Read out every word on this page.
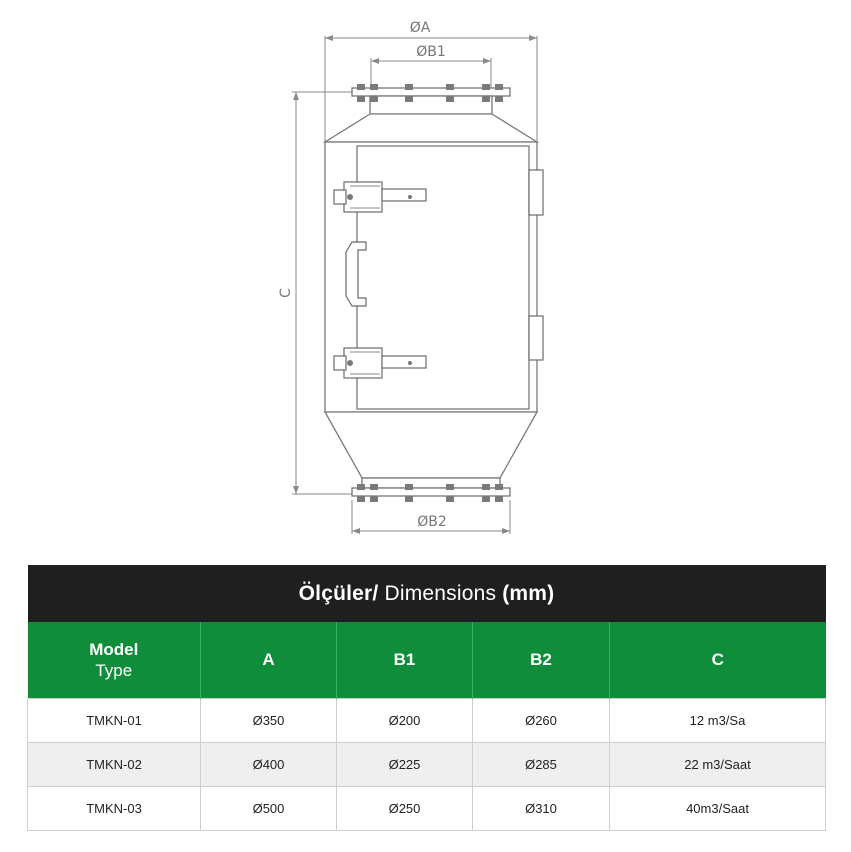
ØA
ØB1
C
ØB2
Ölçüler/ Dimensions (mm)				

Model
Type	A	B1	B2	C
TMKN-01	Ø350	Ø200	Ø260	12 m3/Sa
TMKN-02	Ø400	Ø225	Ø285	22 m3/Saat
TMKN-03	Ø500	Ø250	Ø310	40m3/Saat
